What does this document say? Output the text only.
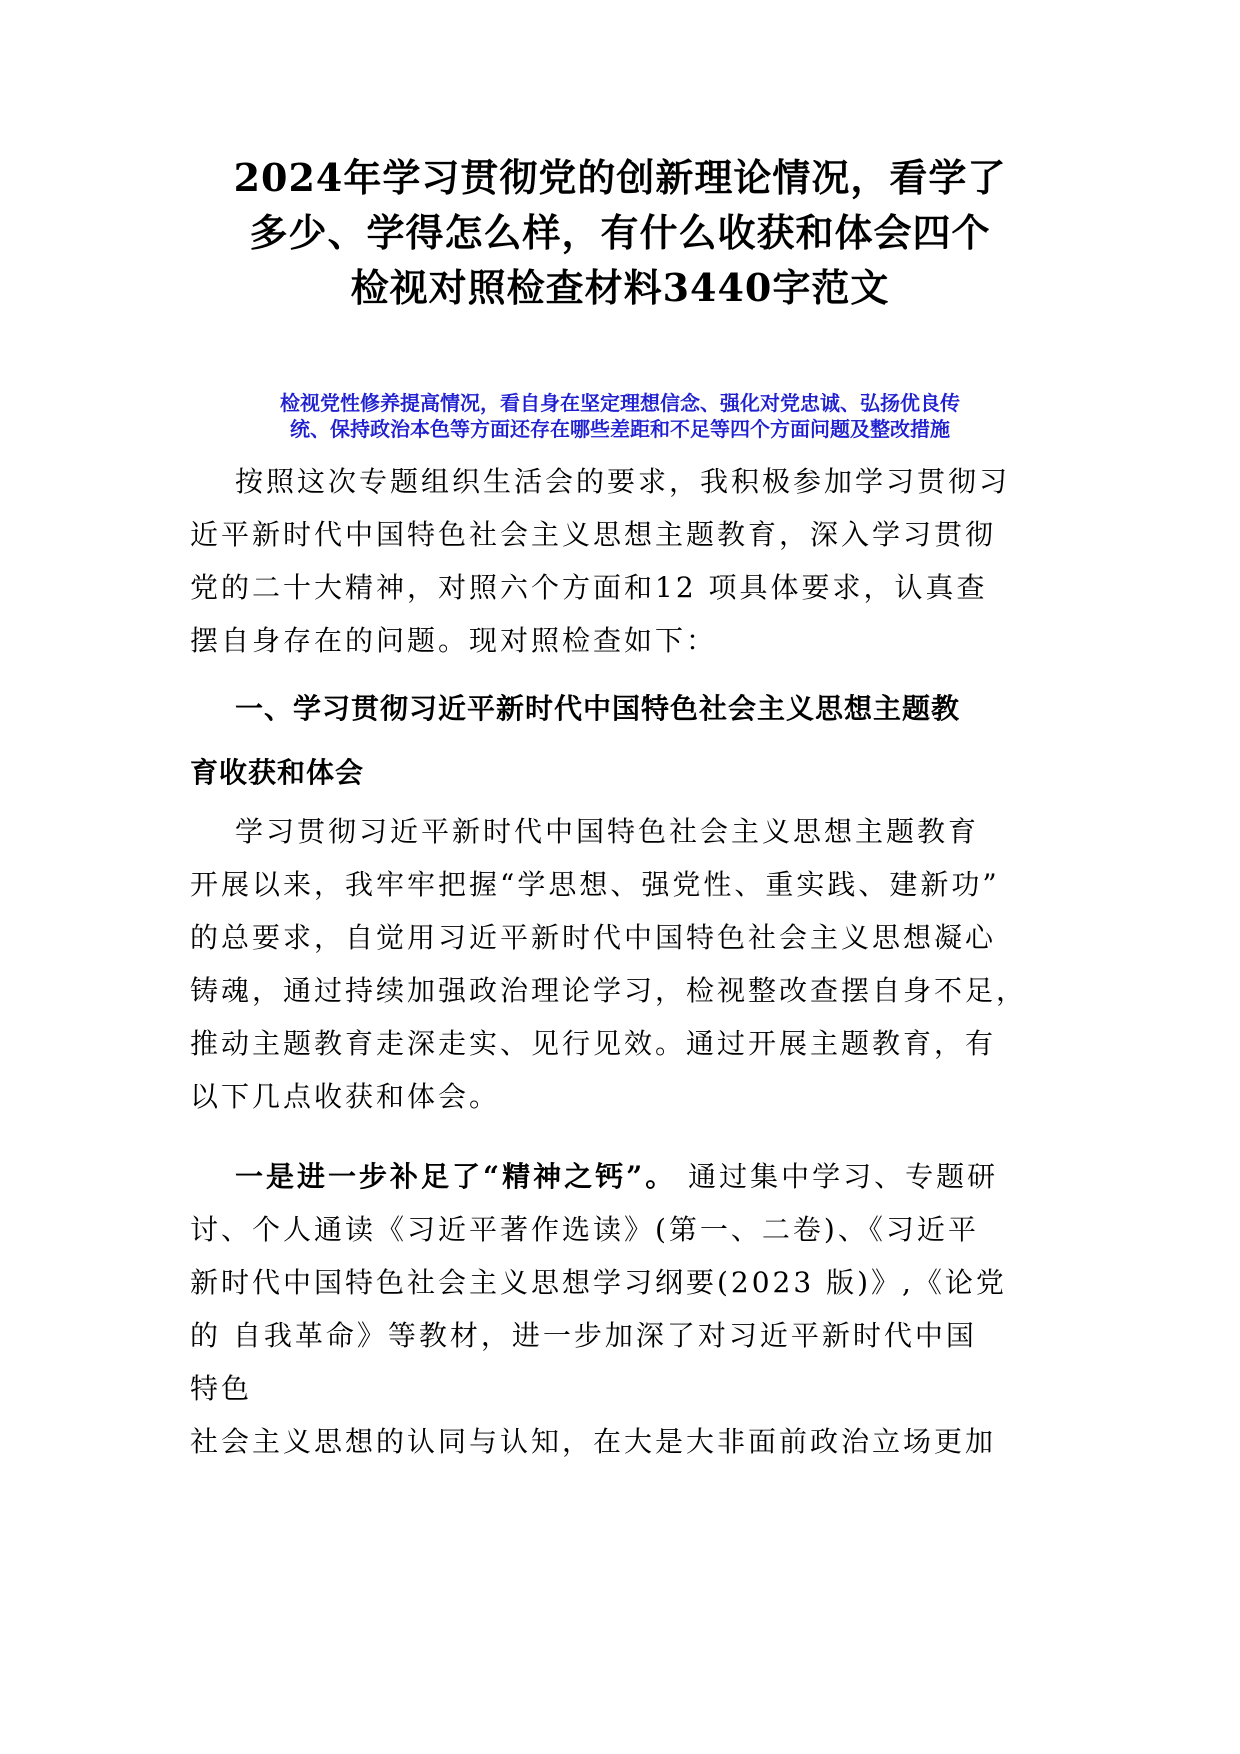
2024年学习贯彻党的创新理论情况，看学了
多少、学得怎么样，有什么收获和体会四个
检视对照检查材料3440字范文
检视党性修养提高情况，看自身在坚定理想信念、强化对党忠诚、弘扬优良传
统、保持政治本色等方面还存在哪些差距和不足等四个方面问题及整改措施
按照这次专题组织生活会的要求，我积极参加学习贯彻习
近平新时代中国特色社会主义思想主题教育，深入学习贯彻
党的二十大精神，对照六个方面和12 项具体要求，认真查
摆自身存在的问题。现对照检查如下：
一、学习贯彻习近平新时代中国特色社会主义思想主题教
育收获和体会
学习贯彻习近平新时代中国特色社会主义思想主题教育
开展以来，我牢牢把握“学思想、强党性、重实践、建新功”
的总要求，自觉用习近平新时代中国特色社会主义思想凝心
铸魂，通过持续加强政治理论学习，检视整改查摆自身不足，
推动主题教育走深走实、见行见效。通过开展主题教育，有
以下几点收获和体会。
一是进一步补足了“精神之钙”。 通过集中学习、专题研
讨、个人通读《习近平著作选读》(第一、二卷)、《习近平
新时代中国特色社会主义思想学习纲要(2023 版)》,《论党
的 自我革命》等教材，进一步加深了对习近平新时代中国
特色
社会主义思想的认同与认知，在大是大非面前政治立场更加
